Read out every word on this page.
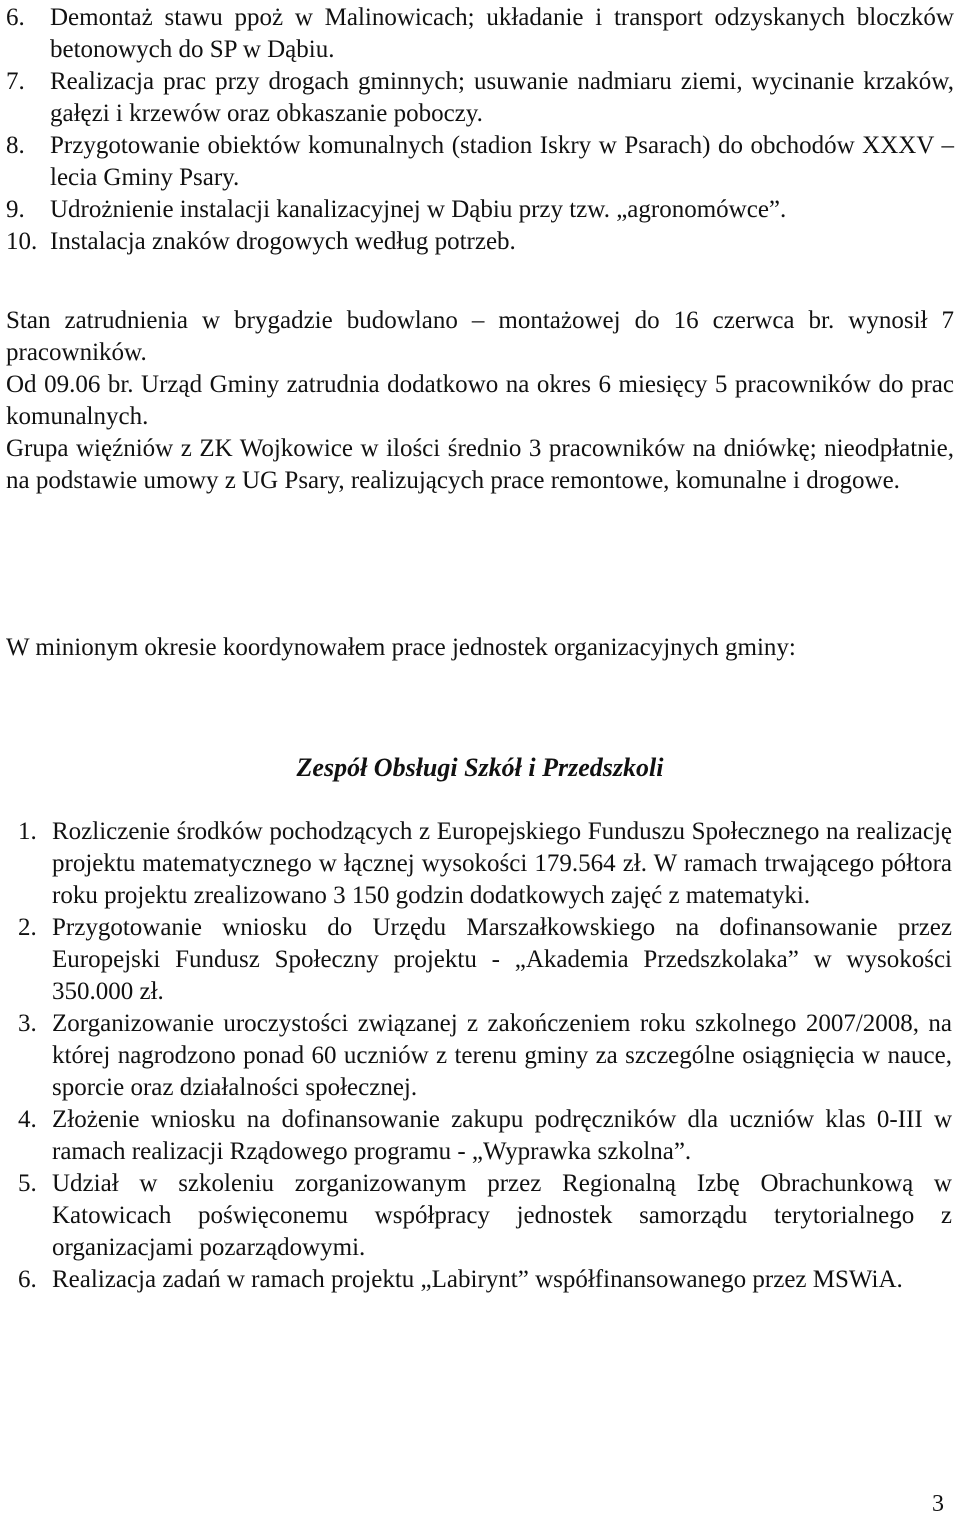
6.	Demontaż stawu ppoż w Malinowicach; układanie i transport odzyskanych bloczków betonowych do SP w Dąbiu.
7.	Realizacja prac przy drogach gminnych; usuwanie nadmiaru ziemi, wycinanie krzaków, gałęzi i krzewów oraz obkaszanie poboczy.
8.	Przygotowanie obiektów komunalnych (stadion Iskry w Psarach) do obchodów XXXV – lecia Gminy Psary.
9.	Udrożnienie instalacji kanalizacyjnej w Dąbiu przy tzw. „agronomówce”.
10. Instalacja znaków drogowych według potrzeb.

Stan zatrudnienia w brygadzie budowlano – montażowej do 16 czerwca br. wynosił 7 pracowników.

Od 09.06 br. Urząd Gminy zatrudnia dodatkowo na okres 6 miesięcy 5 pracowników do prac komunalnych.

Grupa więźniów z ZK Wojkowice w ilości średnio 3 pracowników na dniówkę; nieodpłatnie, na podstawie umowy z UG Psary, realizujących prace remontowe, komunalne i drogowe.

W minionym okresie koordynowałem prace jednostek organizacyjnych gminy:

Zespół Obsługi Szkół i Przedszkoli
1. Rozliczenie środków pochodzących z Europejskiego Funduszu Społecznego na realizację projektu matematycznego w łącznej wysokości 179.564 zł. W ramach trwającego półtora roku projektu zrealizowano 3 150 godzin dodatkowych zajęć z matematyki.
2. Przygotowanie wniosku do Urzędu Marszałkowskiego na dofinansowanie przez Europejski Fundusz Społeczny projektu - „Akademia Przedszkolaka” w wysokości 350.000 zł.
3. Zorganizowanie uroczystości związanej z zakończeniem roku szkolnego 2007/2008, na której nagrodzono ponad 60 uczniów z terenu gminy za szczególne osiągnięcia w nauce, sporcie oraz działalności społecznej.
4. Złożenie wniosku na dofinansowanie zakupu podręczników dla uczniów klas 0-III w ramach realizacji Rządowego programu - „Wyprawka szkolna”.
5. Udział w szkoleniu zorganizowanym przez Regionalną Izbę Obrachunkową w Katowicach poświęconemu współpracy jednostek samorządu terytorialnego z organizacjami pozarządowymi.
6. Realizacja zadań w ramach projektu „Labirynt” współfinansowanego przez MSWiA.

3
